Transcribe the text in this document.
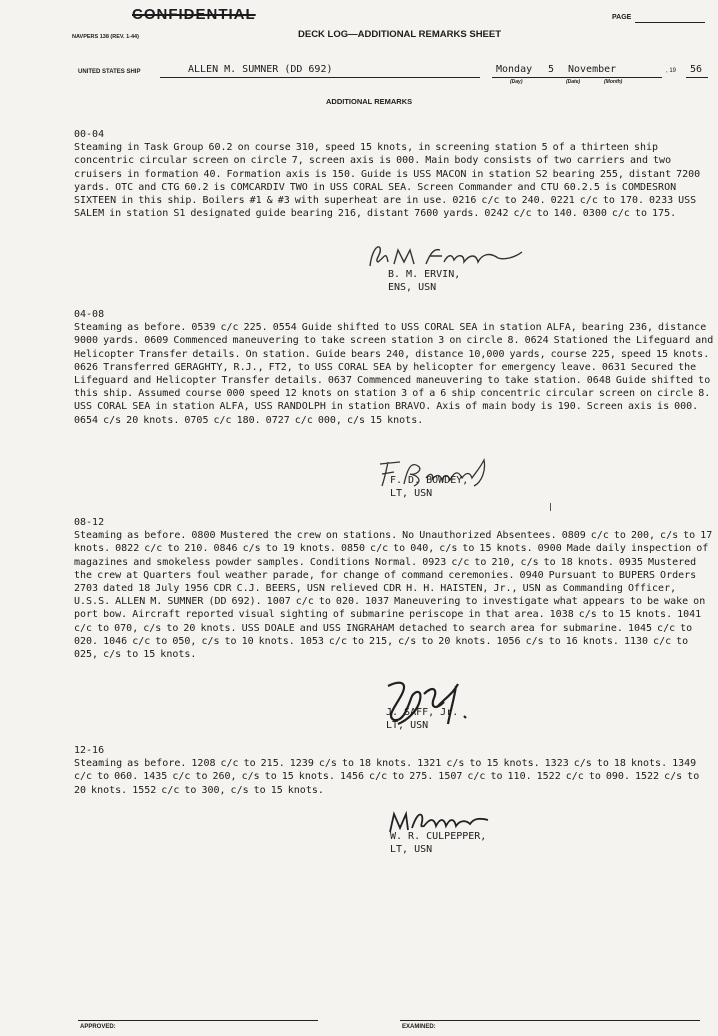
CONFIDENTIAL	PAGE
NAVPERS 138 (REV. 1-44)	DECK LOG—ADDITIONAL REMARKS SHEET
UNITED STATES SHIP	ALLEN M. SUMNER (DD 692)	Monday 5 November
(Day)	(Date)	(Month)
, 19 56
ADDITIONAL REMARKS
00-04
Steaming in Task Group 60.2 on course 310, speed 15 knots, in screening station 5 of a thirteen ship concentric circular screen on circle 7, screen axis is 000. Main body consists of two carriers and two cruisers in formation 40. Formation axis is 150. Guide is USS MACON in station S2 bearing 255, distant 7200 yards. OTC and CTG 60.2 is COMCARDIV TWO in USS CORAL SEA. Screen Commander and CTU 60.2.5 is COMDESRON SIXTEEN in this ship. Boilers #1 & #3 with superheat are in use. 0216 c/c to 240. 0221 c/c to 170. 0233 USS SALEM in station S1 designated guide bearing 216, distant 7600 yards. 0242 c/c to 140. 0300 c/c to 175.
B. M. ERVIN,
ENS, USN
04-08
Steaming as before. 0539 c/c 225. 0554 Guide shifted to USS CORAL SEA in station ALFA, bearing 236, distance 9000 yards. 0609 Commenced maneuvering to take screen station 3 on circle 8. 0624 Stationed the Lifeguard and Helicopter Transfer details. On station. Guide bears 240, distance 10,000 yards, course 225, speed 15 knots. 0626 Transferred GERAGHTY, R.J., FT2, to USS CORAL SEA by helicopter for emergency leave. 0631 Secured the Lifeguard and Helicopter Transfer details. 0637 Commenced maneuvering to take station. 0648 Guide shifted to this ship. Assumed course 000 speed 12 knots on station 3 of a 6 ship concentric circular screen on circle 8. USS CORAL SEA in station ALFA, USS RANDOLPH in station BRAVO. Axis of main body is 190. Screen axis is 000. 0654 c/s 20 knots. 0705 c/c 180. 0727 c/c 000, c/s 15 knots.
F. D. BOWDEY,
LT, USN
08-12
Steaming as before. 0800 Mustered the crew on stations. No Unauthorized Absentees. 0809 c/c to 200, c/s to 17 knots. 0822 c/c to 210. 0846 c/s to 19 knots. 0850 c/c to 040, c/s to 15 knots. 0900 Made daily inspection of magazines and smokeless powder samples. Conditions Normal. 0923 c/c to 210, c/s to 18 knots. 0935 Mustered the crew at Quarters foul weather parade, for change of command ceremonies. 0940 Pursuant to BUPERS Orders 2703 dated 18 July 1956 CDR C.J. BEERS, USN relieved CDR H. H. HAISTEN, Jr., USN as Commanding Officer, U.S.S. ALLEN M. SUMNER (DD 692). 1007 c/c to 020. 1037 Maneuvering to investigate what appears to be wake on port bow. Aircraft reported visual sighting of submarine periscope in that area. 1038 c/s to 15 knots. 1041 c/c to 070, c/s to 20 knots. USS DOALE and USS INGRAHAM detached to search area for submarine. 1045 c/c to 020. 1046 c/c to 050, c/s to 10 knots. 1053 c/c to 215, c/s to 20 knots. 1056 c/s to 16 knots. 1130 c/c to 025, c/s to 15 knots.
J. SAFF, Jr.
LT, USN
12-16
Steaming as before. 1208 c/c to 215. 1239 c/s to 18 knots. 1321 c/s to 15 knots. 1323 c/s to 18 knots. 1349 c/c to 060. 1435 c/c to 260, c/s to 15 knots. 1456 c/c to 275. 1507 c/c to 110. 1522 c/c to 090. 1522 c/s to 20 knots. 1552 c/c to 300, c/s to 15 knots.
W. R. CULPEPPER,
LT, USN
APPROVED:	EXAMINED:
